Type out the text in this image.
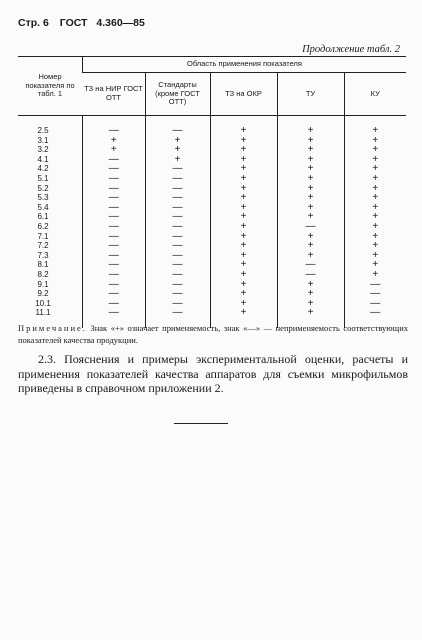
Стр. 6 ГОСТ 4.360—85
Продолжение табл. 2
Номер показателя по табл. 1	Область применения показателя				
	ТЗ на НИР ГОСТ ОТТ	Стандарты (кроме ГОСТ ОТТ)	ТЗ на ОКР	ТУ	КУ

2.5	—	—	+	+	+
3.1	+	+	+	+	+
3.2	+	+	+	+	+
4.1	—	+	+	+	+
4.2	—	—	+	+	+
5.1	—	—	+	+	+
5.2	—	—	+	+	+
5.3	—	—	+	+	+
5.4	—	—	+	+	+
6.1	—	—	+	+	+
6.2	—	—	+	—	+
7.1	—	—	+	+	+
7.2	—	—	+	+	+
7.3	—	—	+	+	+
8.1	—	—	+	—	+
8.2	—	—	+	—	+
9.1	—	—	+	+	—
9.2	—	—	+	+	—
10.1	—	—	+	+	—
11.1	—	—	+	+	—

Примечание. Знак «+» означает применяемость, знак «—» — неприменяемость соответствующих показателей качества продукции.
2.3. Пояснения и примеры экспериментальной оценки, расчеты и применения показателей качества аппаратов для съемки микрофильмов приведены в справочном приложении 2.
